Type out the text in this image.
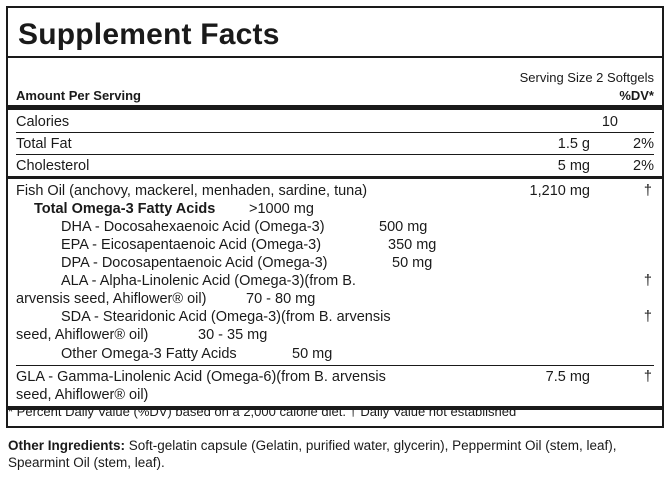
Supplement Facts
Serving Size 2 Softgels
Amount Per Serving	%DV*
Calories	10
Total Fat	1.5 g	2%
Cholesterol	5 mg	2%
Fish Oil (anchovy, mackerel, menhaden, sardine, tuna)	1,210 mg	†
Total Omega-3 Fatty Acids >1000 mg
DHA - Docosahexaenoic Acid (Omega-3)	500 mg
EPA - Eicosapentaenoic Acid (Omega-3)	350 mg
DPA - Docosapentaenoic Acid (Omega-3)	50 mg
ALA - Alpha-Linolenic Acid (Omega-3)(from B.	†
arvensis seed, Ahiflower® oil)	70 - 80 mg
SDA - Stearidonic Acid (Omega-3)(from B. arvensis	†
seed, Ahiflower® oil)	30 - 35 mg
Other Omega-3 Fatty Acids	50 mg
GLA - Gamma-Linolenic Acid (Omega-6)(from B. arvensis	7.5 mg	†
seed, Ahiflower® oil)
* Percent Daily Value (%DV) based on a 2,000 calorie diet. † Daily Value not established
Other Ingredients: Soft-gelatin capsule (Gelatin, purified water, glycerin), Peppermint Oil (stem, leaf), Spearmint Oil (stem, leaf).
